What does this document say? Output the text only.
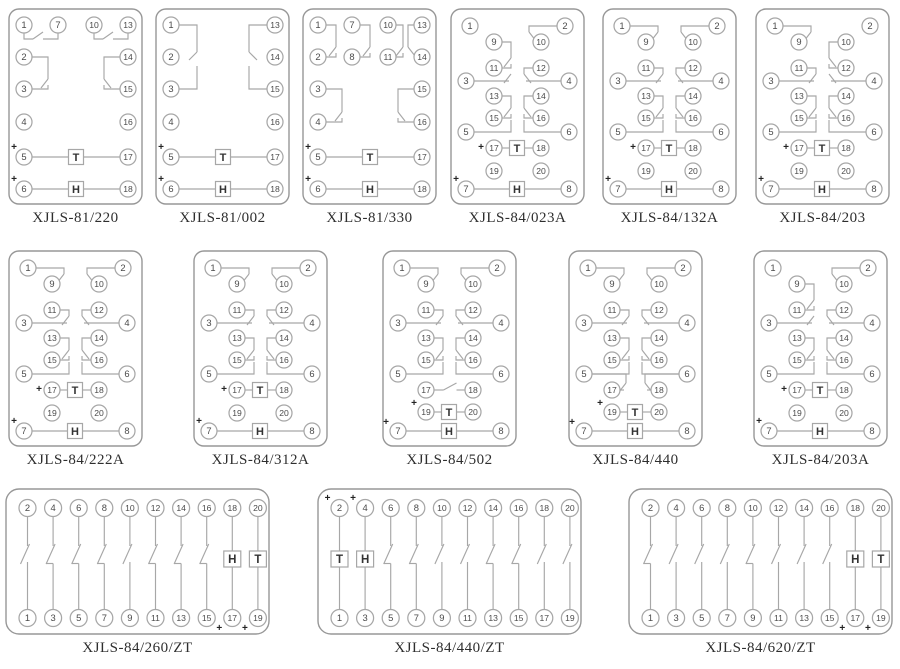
T
H
1	7	10	13
2	14
3	15
4	16
5	17
6	18
+
+
XJLS-81/220
T
H
1	13
2	14
3	15
4	16
5	17
6	18
+
+
XJLS-81/002
T
H
1	7	10	13
2	8	11	14
3	15
4	16
5	17
6	18
+
+
XJLS-81/330
T
H
1	2
9	10
11	12
3	4
13	14
15	16
5	6
17	18
19	20
7	8
+
+
XJLS-84/023A
T
H
1	2
9	10
11	12
3	4
13	14
15	16
5	6
17	18
19	20
7	8
+
+
XJLS-84/132A
T
H
1	2
9	10
11	12
3	4
13	14
15	16
5	6
17	18
19	20
7	8
+
+
XJLS-84/203
T
H
1	2
9	10
11	12
3	4
13	14
15	16
5	6
17	18
19	20
7	8
+
+
XJLS-84/222A
T
H
1	2
9	10
11	12
3	4
13	14
15	16
5	6
17	18
19	20
7	8
+
+
XJLS-84/312A
T
H
1	2
9	10
11	12
3	4
13	14
15	16
5	6
17	18
19	20
7	8
+
+
XJLS-84/502
T
H
1	2
9	10
11	12
3	4
13	14
15	16
5	6
17	18
19	20
7	8
+
+
XJLS-84/440
T
H
1	2
9	10
11	12
3	4
13	14
15	16
5	6
17	18
19	20
7	8
+
+
XJLS-84/203A
H T
2 4 6 8 10 12 14 16 18 20
1 3 5 7 9 11 13 15 17 19
+ +
XJLS-84/260/ZT
T H
2 4 6 8 10 12 14 16 18 20
1 3 5 7 9 11 13 15 17 19
+ +
XJLS-84/440/ZT
H T
2 4 6 8 10 12 14 16 18 20
1 3 5 7 9 11 13 15 17 19
+ +
XJLS-84/620/ZT
